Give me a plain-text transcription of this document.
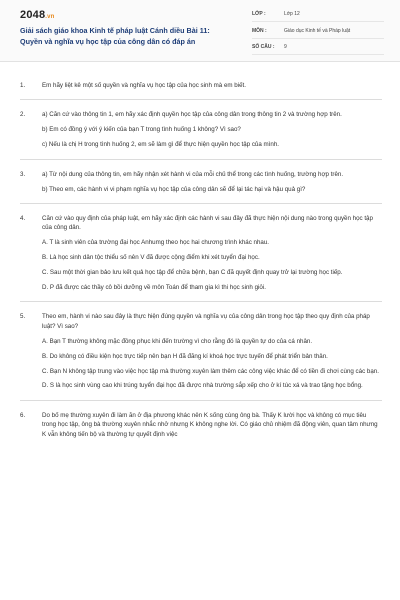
2048.vn
Giải sách giáo khoa Kinh tế pháp luật Cánh diều Bài 11:
Quyền và nghĩa vụ học tập của công dân có đáp án
LỚP :	Lớp 12
MÔN :	Giáo dục Kinh tế và Pháp luật
SỐ CÂU : 9
1.	Em hãy liệt kê một số quyền và nghĩa vụ học tập của học sinh mà em biết.

2.	a) Căn cứ vào thông tin 1, em hãy xác định quyền học tập của công dân trong thông tin 2 và trường hợp trên.

b) Em có đồng ý với ý kiến của bạn T trong tình huống 1 không? Vì sao?

c) Nếu là chị H trong tình huống 2, em sẽ làm gì để thực hiện quyền học tập của mình.

3.	a) Từ nội dung của thông tin, em hãy nhận xét hành vi của mỗi chủ thể trong các tình huống, trường hợp trên.

b) Theo em, các hành vi vi phạm nghĩa vụ học tập của công dân sẽ để lại tác hại và hậu quả gì?

4.	Căn cứ vào quy định của pháp luật, em hãy xác định các hành vi sau đây đã thực hiện nội dung nào trong quyền học tập của công dân.

A. T là sinh viên của trường đại học Anhumg theo học hai chương trình khác nhau.

B. Là học sinh dân tộc thiểu số nên V đã được cộng điểm khi xét tuyển đại học.

C. Sau một thời gian bảo lưu kết quả học tập để chữa bệnh, bạn C đã quyết định quay trở lại trường học tiếp.

D. P đã được các thầy cô bồi dưỡng về môn Toán để tham gia kì thi học sinh giỏi.

5.	Theo em, hành vi nào sau đây là thực hiện đúng quyền và nghĩa vụ của công dân trong học tập theo quy định của pháp luật? Vì sao?

A. Bạn T thường không mặc đồng phục khi đến trường vì cho rằng đó là quyền tự do của cá nhân.

B. Do không có điều kiện học trực tiếp nên bạn H đã đăng kí khoá học trực tuyến để phát triển bản thân.

C. Bạn N không tập trung vào việc học tập mà thường xuyên làm thêm các công việc khác để có tiền đi chơi cùng các bạn.

D. S là học sinh vùng cao khi trúng tuyển đại học đã được nhà trường sắp xếp cho ở kí túc xá và trao tặng học bổng.

6.	Do bố mẹ thường xuyên đi làm ăn ở địa phương khác nên K sống cùng ông bà. Thấy K lười học và không có mục tiêu trong học tập, ông bà thường xuyên nhắc nhở nhưng K không nghe lời. Có giáo chủ nhiệm đã động viên, quan tâm nhưng K vẫn không tiến bộ và thường tự quyết định việc
